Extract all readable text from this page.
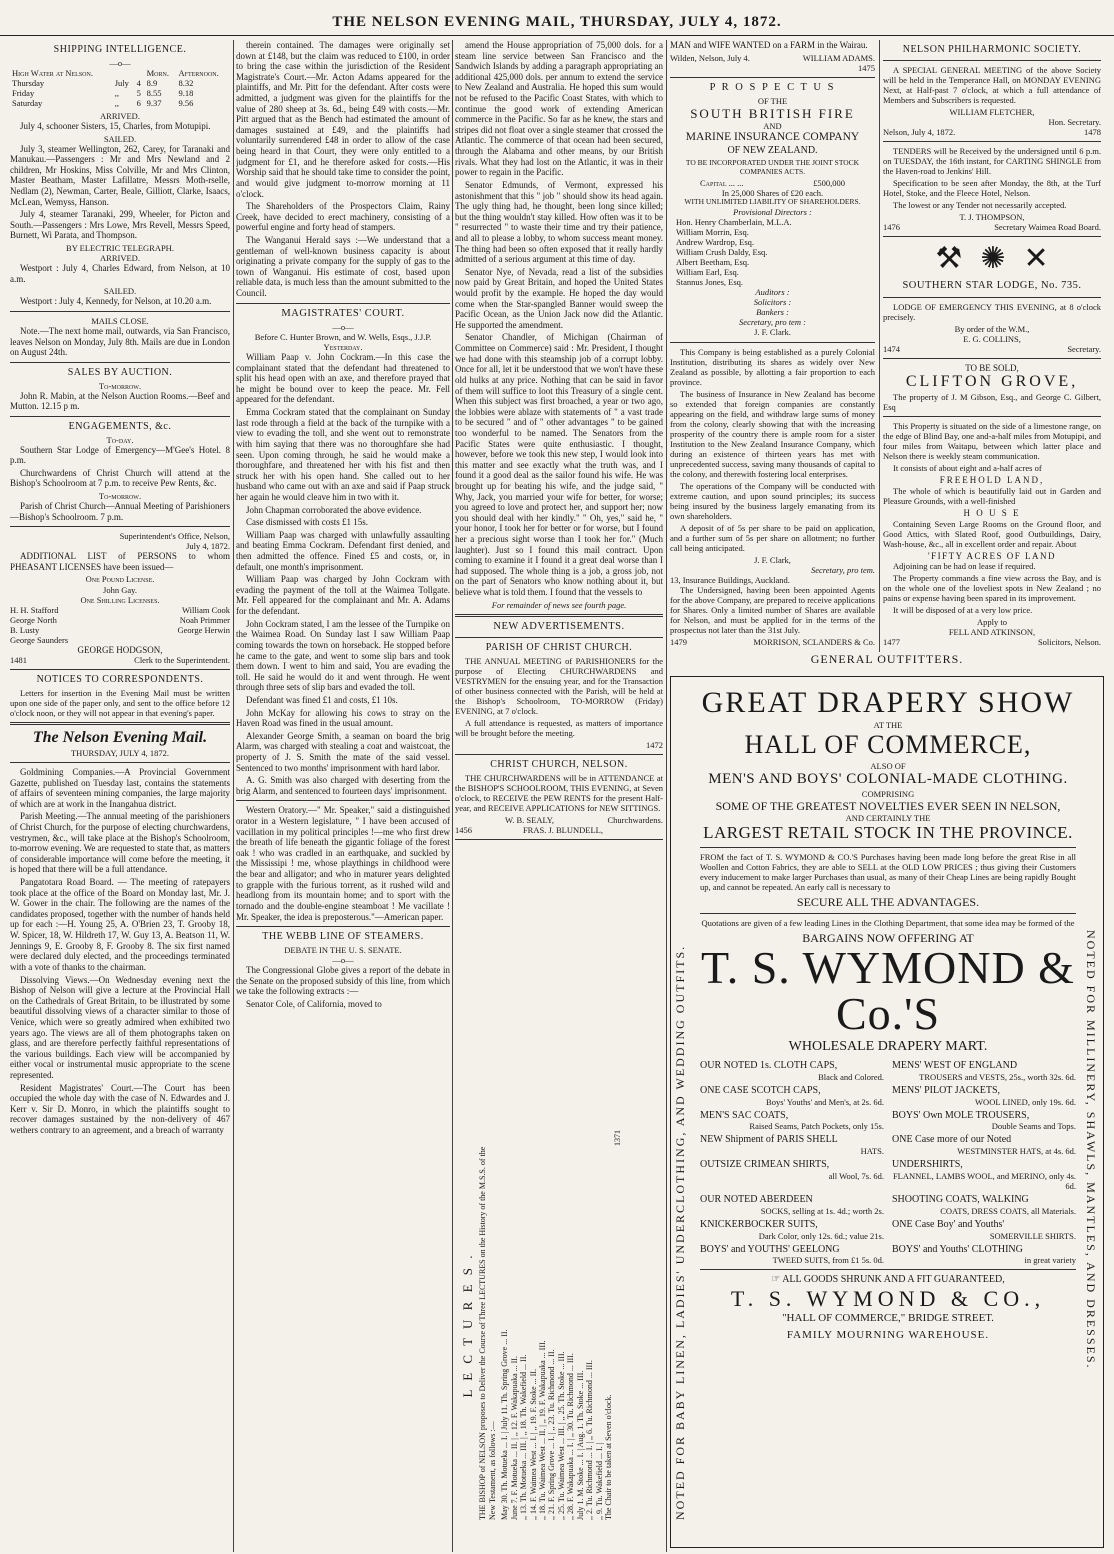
THE NELSON EVENING MAIL, THURSDAY, JULY 4, 1872.
SHIPPING INTELLIGENCE.
—o—
High Water at Nelson.			Morn.	Afternoon.
Thursday	July	4	8.9	8.32
Friday	,,	5	8.55	9.18
Saturday	,,	6	9.37	9.56
ARRIVED.

July 4, schooner Sisters, 15, Charles, from Motupipi.

SAILED.

July 3, steamer Wellington, 262, Carey, for Taranaki and Manukau.—Passengers : Mr and Mrs Newland and 2 children, Mr Hoskins, Miss Colville, Mr and Mrs Clinton, Master Beatham, Master Lafillatre, Messrs Moth-rselle, Nedlam (2), Newman, Carter, Beale, Gilliott, Clarke, Isaacs, McLean, Wemyss, Hanson.

July 4, steamer Taranaki, 299, Wheeler, for Picton and South.—Passengers : Mrs Lowe, Mrs Revell, Messrs Speed, Burnett, Wi Parata, and Thompson.

BY ELECTRIC TELEGRAPH.
ARRIVED.

Westport : July 4, Charles Edward, from Nelson, at 10 a.m.

SAILED.

Westport : July 4, Kennedy, for Nelson, at 10.20 a.m.

MAILS CLOSE.

Note.—The next home mail, outwards, via San Francisco, leaves Nelson on Monday, July 8th. Mails are due in London on August 24th.

SALES BY AUCTION.
To-morrow.

John R. Mabin, at the Nelson Auction Rooms.—Beef and Mutton. 12.15 p m.

ENGAGEMENTS, &c.
To-day.

Southern Star Lodge of Emergency—M'Gee's Hotel. 8 p.m.

Churchwardens of Christ Church will attend at the Bishop's Schoolroom at 7 p.m. to receive Pew Rents, &c.

To-morrow.

Parish of Christ Church—Annual Meeting of Parishioners—Bishop's Schoolroom. 7 p.m.

Superintendent's Office, Nelson,
July 4, 1872.

ADDITIONAL LIST of PERSONS to whom PHEASANT LICENSES have been issued—

One Pound License.
John Gay.
One Shilling Licenses.
H. H. Stafford	William Cook
George North	Noah Primmer
B. Lusty	George Herwin
George Saunders
GEORGE HODGSON,
1481	Clerk to the Superintendent.
NOTICES TO CORRESPONDENTS.

Letters for insertion in the Evening Mail must be written upon one side of the paper only, and sent to the office before 12 o'clock noon, or they will not appear in that evening's paper.

The Nelson Evening Mail.
THURSDAY, JULY 4, 1872.

Goldmining Companies.—A Provincial Government Gazette, published on Tuesday last, contains the statements of affairs of seventeen mining companies, the large majority of which are at work in the Inangahua district.

Parish Meeting.—The annual meeting of the parishioners of Christ Church, for the purpose of electing churchwardens, vestrymen, &c., will take place at the Bishop's Schoolroom, to-morrow evening. We are requested to state that, as matters of considerable importance will come before the meeting, it is hoped that there will be a full attendance.

Pangatotara Road Board. — The meeting of ratepayers took place at the office of the Board on Monday last, Mr. J. W. Gower in the chair. The following are the names of the candidates proposed, together with the number of hands held up for each :—H. Young 25, A. O'Brien 23, T. Grooby 18, W. Spicer, 18, W. Hildreth 17, W. Guy 13, A. Beatson 11, W. Jennings 9, E. Grooby 8, F. Grooby 8. The six first named were declared duly elected, and the proceedings terminated with a vote of thanks to the chairman.

Dissolving Views.—On Wednesday evening next the Bishop of Nelson will give a lecture at the Provincial Hall on the Cathedrals of Great Britain, to be illustrated by some beautiful dissolving views of a character similar to those of Venice, which were so greatly admired when exhibited two years ago. The views are all of them photographs taken on glass, and are therefore perfectly faithful representations of the various buildings. Each view will be accompanied by either vocal or instrumental music appropriate to the scene represented.

Resident Magistrates' Court.—The Court has been occupied the whole day with the case of N. Edwardes and J. Kerr v. Sir D. Monro, in which the plaintiffs sought to recover damages sustained by the non-delivery of 467 wethers contrary to an agreement, and a breach of warranty

therein contained. The damages were originally set down at £148, but the claim was reduced to £100, in order to bring the case within the jurisdiction of the Resident Magistrate's Court.—Mr. Acton Adams appeared for the plaintiffs, and Mr. Pitt for the defendant. After costs were admitted, a judgment was given for the plaintiffs for the value of 280 sheep at 3s. 6d., being £49 with costs.—Mr. Pitt argued that as the Bench had estimated the amount of damages sustained at £49, and the plaintiffs had voluntarily surrendered £48 in order to allow of the case being heard in that Court, they were only entitled to a judgment for £1, and he therefore asked for costs.—His Worship said that he should take time to consider the point, and would give judgment to-morrow morning at 11 o'clock.

The Shareholders of the Prospectors Claim, Rainy Creek, have decided to erect machinery, consisting of a powerful engine and forty head of stampers.

The Wanganui Herald says :—We understand that a gentleman of well-known business capacity is about originating a private company for the supply of gas to the town of Wanganui. His estimate of cost, based upon reliable data, is much less than the amount submitted to the Council.

MAGISTRATES' COURT.
—o—
Before C. Hunter Brown, and W. Wells, Esqs., J.J.P.
Yesterday.

William Paap v. John Cockram.—In this case the complainant stated that the defendant had threatened to split his head open with an axe, and therefore prayed that he might be bound over to keep the peace. Mr. Fell appeared for the defendant.

Emma Cockram stated that the complainant on Sunday last rode through a field at the back of the turnpike with a view to evading the toll, and she went out to remonstrate with him saying that there was no thoroughfare she had seen. Upon coming through, he said he would make a thoroughfare, and threatened her with his fist and then struck her with his open hand. She called out to her husband who came out with an axe and said if Paap struck her again he would cleave him in two with it.

John Chapman corroborated the above evidence.

Case dismissed with costs £1 15s.

William Paap was charged with unlawfully assaulting and beating Emma Cockram. Defendant first denied, and then admitted the offence. Fined £5 and costs, or, in default, one month's imprisonment.

William Paap was charged by John Cockram with evading the payment of the toll at the Waimea Tollgate. Mr. Fell appeared for the complainant and Mr. A. Adams for the defendant.

John Cockram stated, I am the lessee of the Turnpike on the Waimea Road. On Sunday last I saw William Paap coming towards the town on horseback. He stopped before he came to the gate, and went to some slip bars and took them down. I went to him and said, You are evading the toll. He said he would do it and went through. He went through three sets of slip bars and evaded the toll.

Defendant was fined £1 and costs, £1 10s.

John McKay for allowing his cows to stray on the Haven Road was fined in the usual amount.

Alexander George Smith, a seaman on board the brig Alarm, was charged with stealing a coat and waistcoat, the property of J. S. Smith the mate of the said vessel. Sentenced to two months' imprisonment with hard labor.

A. G. Smith was also charged with deserting from the brig Alarm, and sentenced to fourteen days' imprisonment.

Western Oratory.—" Mr. Speaker," said a distinguished orator in a Western legislature, " I have been accused of vacillation in my political principles !—me who first drew the breath of life beneath the gigantic foliage of the forest oak ! who was cradled in an earthquake, and suckled by the Mississipi ! me, whose playthings in childhood were the bear and alligator; and who in maturer years delighted to grapple with the furious torrent, as it rushed wild and headlong from its mountain home; and to sport with the tornado and the double-engine steamboat ! Me vacillate ! Mr. Speaker, the idea is preposterous."—American paper.

THE WEBB LINE OF STEAMERS.
DEBATE IN THE U. S. SENATE.
—o—

The Congressional Globe gives a report of the debate in the Senate on the proposed subsidy of this line, from which we take the following extracts :—

Senator Cole, of California, moved to

amend the House appropriation of 75,000 dols. for a steam line service between San Francisco and the Sandwich Islands by adding a paragraph appropriating an additional 425,000 dols. per annum to extend the service to New Zealand and Australia. He hoped this sum would not be refused to the Pacific Coast States, with which to continue the good work of extending American commerce in the Pacific. So far as he knew, the stars and stripes did not float over a single steamer that crossed the Atlantic. The commerce of that ocean had been secured, through the Alabama and other means, by our British rivals. What they had lost on the Atlantic, it was in their power to regain in the Pacific.

Senator Edmunds, of Vermont, expressed his astonishment that this " job " should show its head again. The ugly thing had, he thought, been long since killed; but the thing wouldn't stay killed. How often was it to be " resurrected " to waste their time and try their patience, and all to please a lobby, to whom success meant money. The thing had been so often exposed that it really hardly admitted of a serious argument at this time of day.

Senator Nye, of Nevada, read a list of the subsidies now paid by Great Britain, and hoped the United States would profit by the example. He hoped the day would come when the Star-spangled Banner would sweep the Pacific Ocean, as the Union Jack now did the Atlantic. He supported the amendment.

Senator Chandler, of Michigan (Chairman of Committee on Commerce) said : Mr. President, I thought we had done with this steamship job of a corrupt lobby. Once for all, let it be understood that we won't have these old hulks at any price. Nothing that can be said in favor of them will suffice to loot this Treasury of a single cent. When this subject was first broached, a year or two ago, the lobbies were ablaze with statements of " a vast trade to be secured " and of " other advantages " to be gained too wonderful to be named. The Senators from the Pacific States were quite enthusiastic. I thought, however, before we took this new step, I would look into this matter and see exactly what the truth was, and I found it a good deal as the sailor found his wife. He was brought up for beating his wife, and the judge said, " Why, Jack, you married your wife for better, for worse; you agreed to love and protect her, and support her; now you should deal with her kindly." " Oh, yes," said he, " your honor, I took her for better or for worse, but I found her a precious sight worse than I took her for." (Much laughter). Just so I found this mail contract. Upon coming to examine it I found it a great deal worse than I had supposed. The whole thing is a job, a gross job, not on the part of Senators who know nothing about it, but believe what is told them. I found that the vessels to

For remainder of news see fourth page.
NEW ADVERTISEMENTS.
PARISH OF CHRIST CHURCH.

THE ANNUAL MEETING of PARISHIONERS for the purpose of Electing CHURCHWARDENS and VESTRYMEN for the ensuing year, and for the Transaction of other business connected with the Parish, will be held at the Bishop's Schoolroom, TO-MORROW (Friday) EVENING, at 7 o'clock.

A full attendance is requested, as matters of importance will be brought before the meeting.

1472
CHRIST CHURCH, NELSON.

THE CHURCHWARDENS will be in ATTENDANCE at the BISHOP'S SCHOOLROOM, THIS EVENING, at Seven o'clock, to RECEIVE the PEW RENTS for the present Half-year, and RECEIVE APPLICATIONS for NEW SITTINGS.

W. B. SEALY,	Churchwardens.
1456	FRAS. J. BLUNDELL,
L E C T U R E S . THE BISHOP of NELSON proposes to Deliver the Course of Three LECTURES on the History of the M.S.S. of the New Testament, as follows :— May 30. Th. Motueka ... I. | July 11. Th. Spring Grove ... II. June 7. F. Motueka ... II. | ,, 12. F. Wakapuaka ... II. ,, 13. Th. Motueka ... III. | ,, 18. Th. Wakefield ... II. ,, 14. F. Waimea West ... I. | ,, 19. F. Stoke ... II. ,, 18. Tu. Waimea West ... II. | ,, 19. F. Wakapuaka ... III. ,, 21. F. Spring Grove ... I. | ,, 23. Tu. Richmond ... II. ,, 25. Tu. Waimea West ... III. | ,, 25. Th. Stoke ... III. ,, 28. F. Wakapuaka ... I. | ,, 30. Tu. Richmond ... III. July 1. M. Stoke ... I. | Aug. 1. Th. Stoke ... III. ,, 2. Tu. Richmond ... I. | ,, 6. Tu. Richmond ... III. ,, 9. Tu. Wakefield ... I. | The Chair to be taken at Seven o'clock.
1371

MAN and WIFE WANTED on a FARM in the Wairau.

Wilden, Nelson, July 4.	WILLIAM ADAMS.
1475
P R O S P E C T U S
OF THE
SOUTH BRITISH FIRE
AND
MARINE INSURANCE COMPANY
OF NEW ZEALAND.
TO BE INCORPORATED UNDER THE JOINT STOCK COMPANIES ACTS.
Capital ... ...	£500,000
In 25,000 Shares of £20 each.
WITH UNLIMITED LIABILITY OF SHAREHOLDERS.
Provisional Directors :
Hon. Henry Chamberlain, M.L.A.
William Morrin, Esq.
Andrew Wardrop, Esq.
William Crush Daldy, Esq.
Albert Beetham, Esq.
William Earl, Esq.
Stannus Jones, Esq.
Auditors :
Solicitors :
Bankers :
Secretary, pro tem :
J. F. Clark.

This Company is being established as a purely Colonial Institution, distributing its shares as widely over New Zealand as possible, by allotting a fair proportion to each province.

The business of Insurance in New Zealand has become so extended that foreign companies are constantly appearing on the field, and withdraw large sums of money from the colony, clearly showing that with the increasing prosperity of the country there is ample room for a sister Institution to the New Zealand Insurance Company, which during an existence of thirteen years has met with unprecedented success, saving many thousands of capital to the colony, and therewith fostering local enterprises.

The operations of the Company will be conducted with extreme caution, and upon sound principles; its success being insured by the business largely emanating from its own shareholders.

A deposit of of 5s per share to be paid on application, and a further sum of 5s per share on allotment; no further call being anticipated.

J. F. Clark,
Secretary, pro tem.
13, Insurance Buildings, Auckland.

The Undersigned, having been been appointed Agents for the above Company, are prepared to receive applications for Shares. Only a limited number of Shares are available for Nelson, and must be applied for in the terms of the prospectus not later than the 31st July.

1479	MORRISON, SCLANDERS & Co.
NELSON PHILHARMONIC SOCIETY.

A SPECIAL GENERAL MEETING of the above Society will be held in the Temperance Hall, on MONDAY EVENING Next, at Half-past 7 o'clock, at which a full attendance of Members and Subscribers is requested.

WILLIAM FLETCHER,
Hon. Secretary.
Nelson, July 4, 1872.	1478

TENDERS will be Received by the undersigned until 6 p.m. on TUESDAY, the 16th instant, for CARTING SHINGLE from the Haven-road to Jenkins' Hill.

Specification to be seen after Monday, the 8th, at the Turf Hotel, Stoke, and the Fleece Hotel, Nelson.

The lowest or any Tender not necessarily accepted.

T. J. THOMPSON,
1476	Secretary Waimea Road Board.
⚒ ✺ ✕
SOUTHERN STAR LODGE, No. 735.

LODGE OF EMERGENCY THIS EVENING, at 8 o'clock precisely.

By order of the W.M.,
E. G. COLLINS,
1474	Secretary.
TO BE SOLD,
CLIFTON GROVE,

The property of J. M Gibson, Esq., and George C. Gilbert, Esq

This Property is situated on the side of a limestone range, on the edge of Blind Bay, one and-a-half miles from Motupipi, and four miles from Waitapu, between which latter place and Nelson there is weekly steam communication.

It consists of about eight and a-half acres of

FREEHOLD LAND,

The whole of which is beautifully laid out in Garden and Pleasure Grounds, with a well-finished

H O U S E

Containing Seven Large Rooms on the Ground floor, and Good Attics, with Slated Roof, good Outbuildings, Dairy, Wash-house, &c., all in excellent order and repair. About

'FIFTY ACRES OF LAND

Adjoining can be had on lease if required.

The Property commands a fine view across the Bay, and is on the whole one of the loveliest spots in New Zealand ; no pains or expense having been spared in its improvement.

It will be disposed of at a very low price.

Apply to
FELL AND ATKINSON,
1477	Solicitors, Nelson.
GENERAL OUTFITTERS.
NOTED FOR BABY LINEN, LADIES' UNDERCLOTHING, AND WEDDING OUTFITS.	NOTED FOR MILLINERY, SHAWLS, MANTLES, AND DRESSES.
GREAT DRAPERY SHOW
AT THE
HALL OF COMMERCE,
ALSO OF
MEN'S AND BOYS' COLONIAL-MADE CLOTHING.
COMPRISING
SOME OF THE GREATEST NOVELTIES EVER SEEN IN NELSON,
AND CERTAINLY THE
LARGEST RETAIL STOCK IN THE PROVINCE.

FROM the fact of T. S. WYMOND & CO.'S Purchases having been made long before the great Rise in all Woollen and Cotton Fabrics, they are able to SELL at the OLD LOW PRICES ; thus giving their Customers every inducement to make larger Purchases than usual, as many of their Cheap Lines are being rapidly Bought up, and cannot be repeated. An early call is necessary to

SECURE ALL THE ADVANTAGES.
Quotations are given of a few leading Lines in the Clothing Department, that some idea may be formed of the
BARGAINS NOW OFFERING AT
T. S. WYMOND & Co.'S
WHOLESALE DRAPERY MART.
OUR NOTED 1s. CLOTH CAPS,
Black and Colored.
MENS' WEST OF ENGLAND
TROUSERS and VESTS, 25s., worth 32s. 6d.
ONE CASE SCOTCH CAPS,
Boys' Youths' and Men's, at 2s. 6d.
MENS' PILOT JACKETS,
WOOL LINED, only 19s. 6d.
MEN'S SAC COATS,
Raised Seams, Patch Pockets, only 15s.
BOYS' Own MOLE TROUSERS,
Double Seams and Tops.
NEW Shipment of PARIS SHELL
HATS.
ONE Case more of our Noted
WESTMINSTER HATS, at 4s. 6d.
OUTSIZE CRIMEAN SHIRTS,
all Wool, 7s. 6d.
UNDERSHIRTS,
FLANNEL, LAMBS WOOL, and MERINO, only 4s. 6d.
OUR NOTED ABERDEEN
SOCKS, selling at 1s. 4d.; worth 2s.
SHOOTING COATS, WALKING
COATS, DRESS COATS, all Materials.
KNICKERBOCKER SUITS,
Dark Color, only 12s. 6d.; value 21s.
ONE Case Boy' and Youths'
SOMERVILLE SHIRTS.
BOYS' and YOUTHS' GEELONG
TWEED SUITS, from £1 5s. 0d.
BOYS' and Youths' CLOTHING
in great variety
☞ ALL GOODS SHRUNK AND A FIT GUARANTEED,
T. S. WYMOND & CO.,
"HALL OF COMMERCE," BRIDGE STREET.
FAMILY MOURNING WAREHOUSE.
